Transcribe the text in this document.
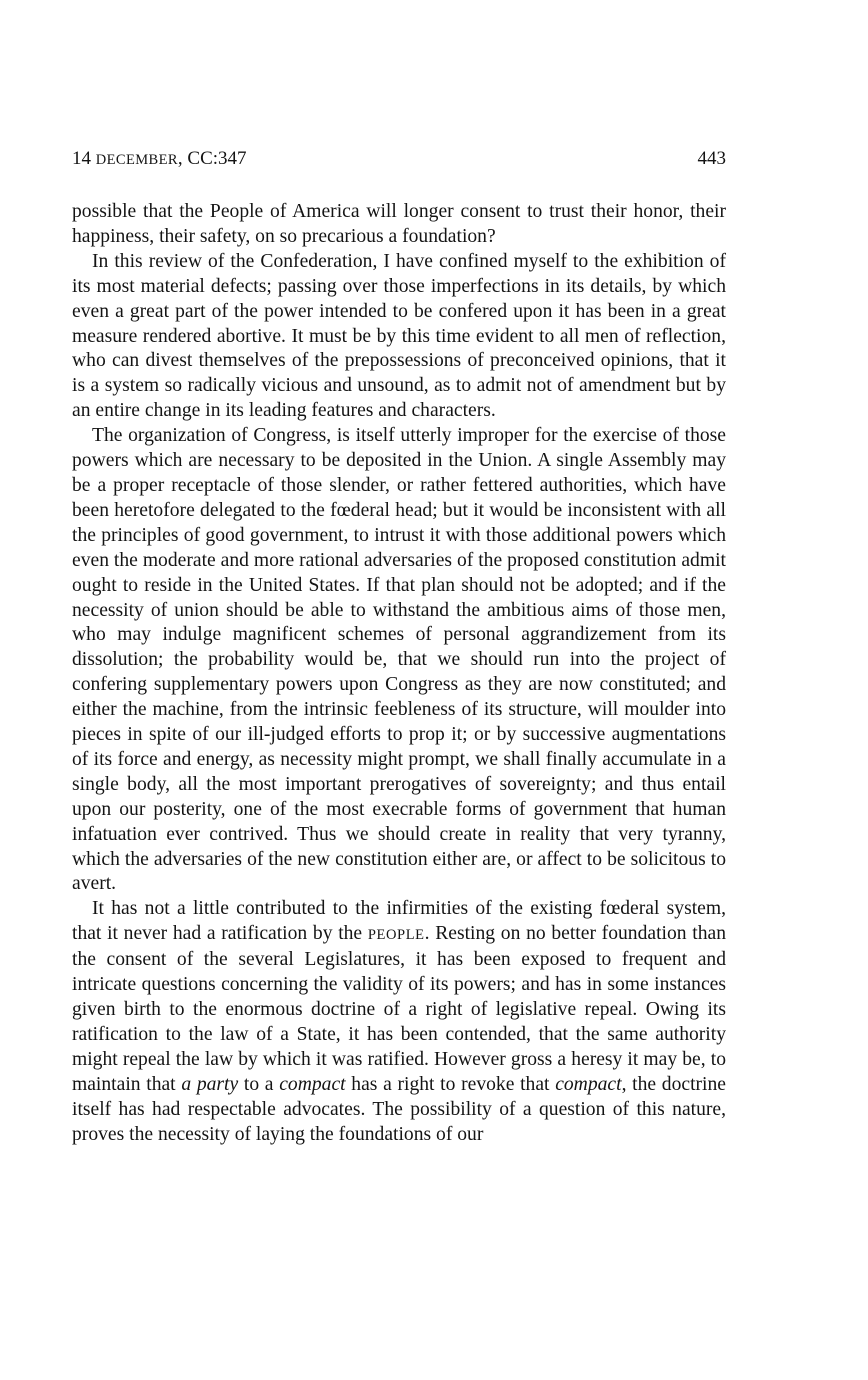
14 DECEMBER, CC:347	443

possible that the People of America will longer consent to trust their honor, their happiness, their safety, on so precarious a foundation?

In this review of the Confederation, I have confined myself to the exhibition of its most material defects; passing over those imperfections in its details, by which even a great part of the power intended to be confered upon it has been in a great measure rendered abortive. It must be by this time evident to all men of reflection, who can divest themselves of the prepossessions of preconceived opinions, that it is a system so radically vicious and unsound, as to admit not of amendment but by an entire change in its leading features and characters.

The organization of Congress, is itself utterly improper for the exercise of those powers which are necessary to be deposited in the Union. A single Assembly may be a proper receptacle of those slender, or rather fettered authorities, which have been heretofore delegated to the fœderal head; but it would be inconsistent with all the principles of good government, to intrust it with those additional powers which even the moderate and more rational adversaries of the proposed constitution admit ought to reside in the United States. If that plan should not be adopted; and if the necessity of union should be able to withstand the ambitious aims of those men, who may indulge magnificent schemes of personal aggrandizement from its dissolution; the probability would be, that we should run into the project of confering supplementary powers upon Congress as they are now constituted; and either the machine, from the intrinsic feebleness of its structure, will moulder into pieces in spite of our ill-judged efforts to prop it; or by successive augmentations of its force and energy, as necessity might prompt, we shall finally accumulate in a single body, all the most important prerogatives of sovereignty; and thus entail upon our posterity, one of the most execrable forms of government that human infatuation ever contrived. Thus we should create in reality that very tyranny, which the adversaries of the new constitution either are, or affect to be solicitous to avert.

It has not a little contributed to the infirmities of the existing fœderal system, that it never had a ratification by the PEOPLE. Resting on no better foundation than the consent of the several Legislatures, it has been exposed to frequent and intricate questions concerning the validity of its powers; and has in some instances given birth to the enormous doctrine of a right of legislative repeal. Owing its ratification to the law of a State, it has been contended, that the same authority might repeal the law by which it was ratified. However gross a heresy it may be, to maintain that a party to a compact has a right to revoke that compact, the doctrine itself has had respectable advocates. The possibility of a question of this nature, proves the necessity of laying the foundations of our
